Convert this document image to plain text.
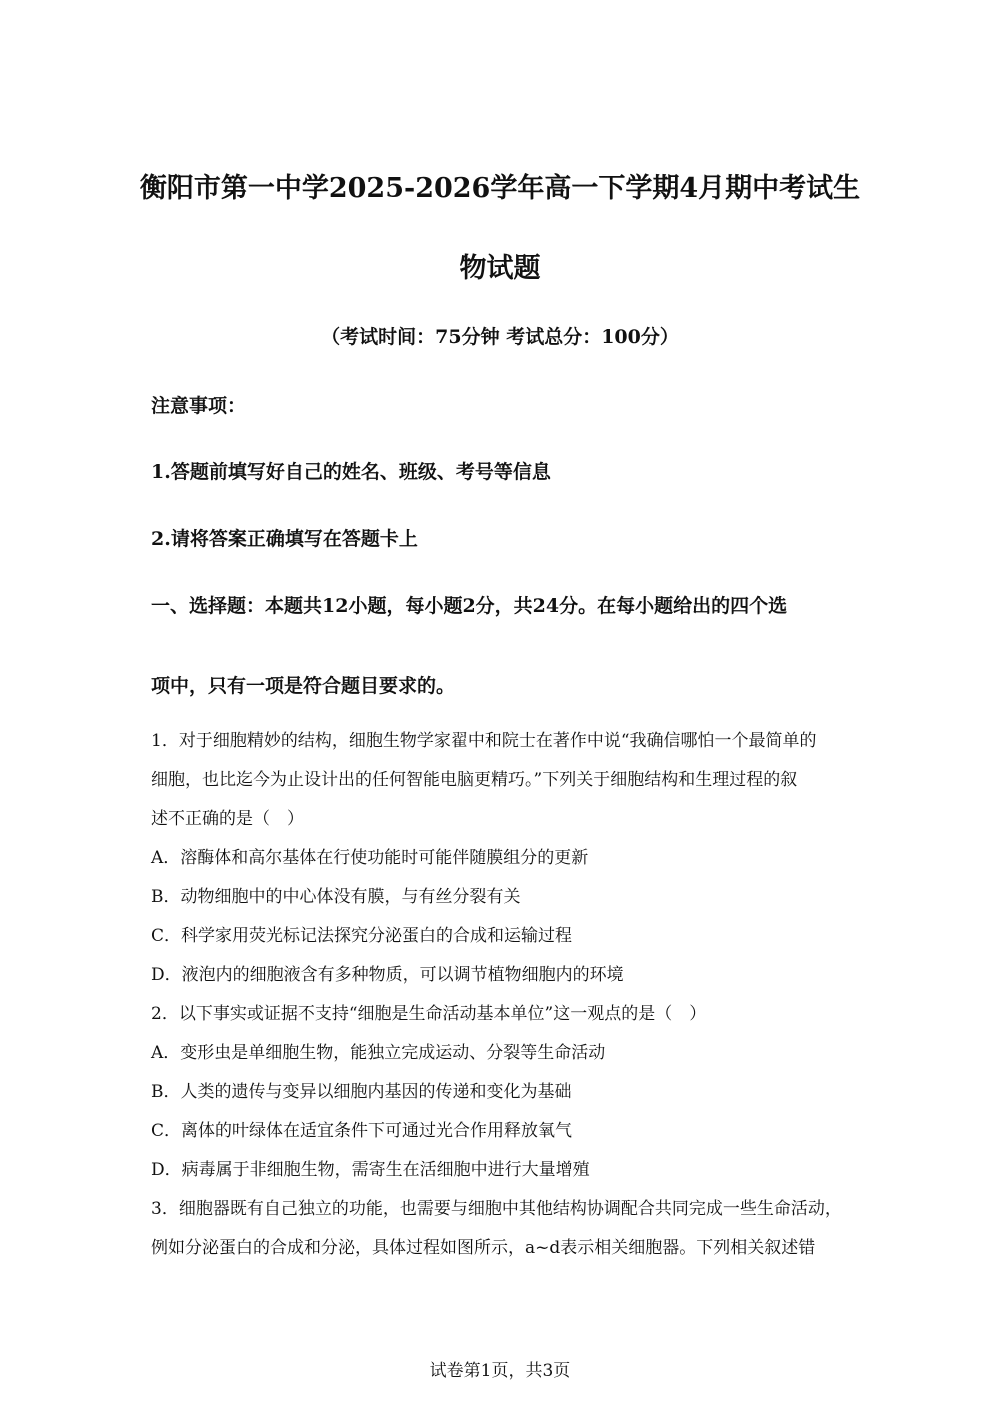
衡阳市第一中学2025-2026学年高一下学期4月期中考试生
物试题
（考试时间：75分钟 考试总分：100分）
注意事项：
1.答题前填写好自己的姓名、班级、考号等信息
2.请将答案正确填写在答题卡上
一、选择题：本题共12小题，每小题2分，共24分。在每小题给出的四个选
项中，只有一项是符合题目要求的。
1．对于细胞精妙的结构，细胞生物学家翟中和院士在著作中说“我确信哪怕一个最简单的
细胞，也比迄今为止设计出的任何智能电脑更精巧。”下列关于细胞结构和生理过程的叙
述不正确的是（　）
A．溶酶体和高尔基体在行使功能时可能伴随膜组分的更新
B．动物细胞中的中心体没有膜，与有丝分裂有关
C．科学家用荧光标记法探究分泌蛋白的合成和运输过程
D．液泡内的细胞液含有多种物质，可以调节植物细胞内的环境
2．以下事实或证据不支持“细胞是生命活动基本单位”这一观点的是（　）
A．变形虫是单细胞生物，能独立完成运动、分裂等生命活动
B．人类的遗传与变异以细胞内基因的传递和变化为基础
C．离体的叶绿体在适宜条件下可通过光合作用释放氧气
D．病毒属于非细胞生物，需寄生在活细胞中进行大量增殖
3．细胞器既有自己独立的功能，也需要与细胞中其他结构协调配合共同完成一些生命活动，
例如分泌蛋白的合成和分泌，具体过程如图所示，a~d表示相关细胞器。下列相关叙述错
试卷第1页，共3页
